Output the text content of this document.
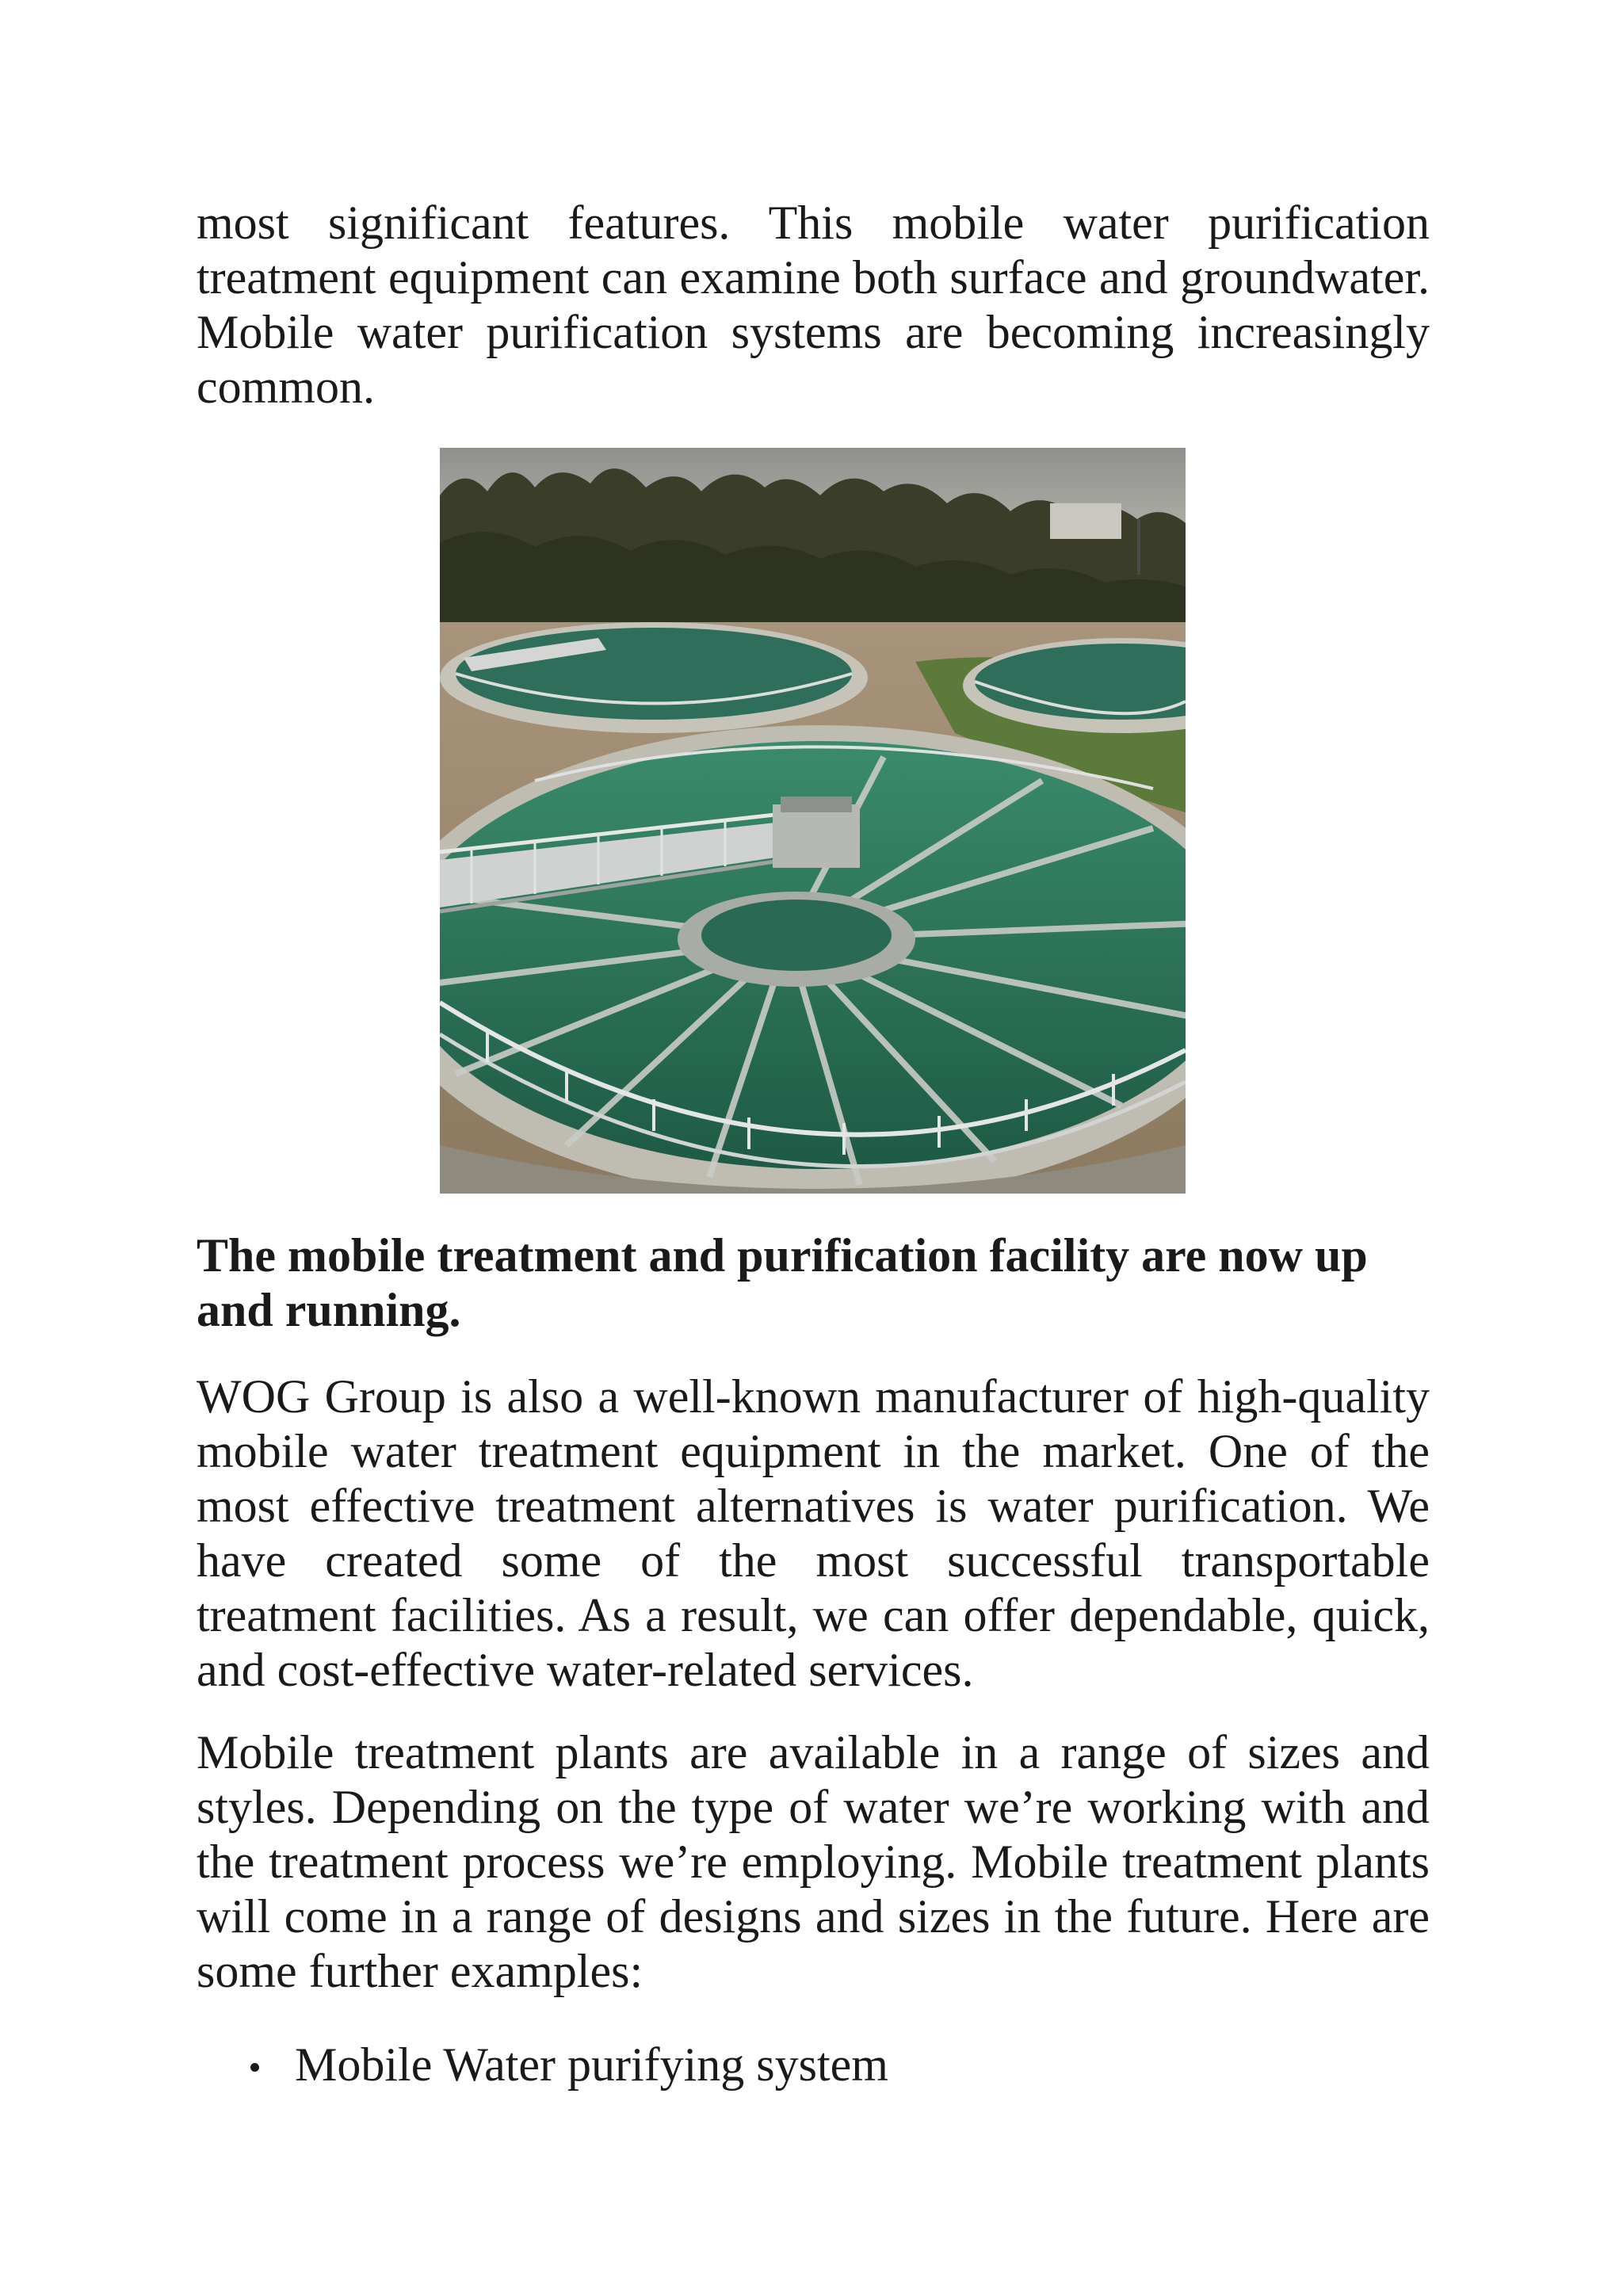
most significant features. This mobile water purification treatment equipment can examine both surface and groundwater. Mobile water purification systems are becoming increasingly common.

The mobile treatment and purification facility are now up and running.

WOG Group is also a well-known manufacturer of high-quality mobile water treatment equipment in the market. One of the most effective treatment alternatives is water purification. We have created some of the most successful transportable treatment facilities. As a result, we can offer dependable, quick, and cost-effective water-related services.

Mobile treatment plants are available in a range of sizes and styles. Depending on the type of water we’re working with and the treatment process we’re employing. Mobile treatment plants will come in a range of designs and sizes in the future. Here are some further examples:

Mobile Water purifying system
